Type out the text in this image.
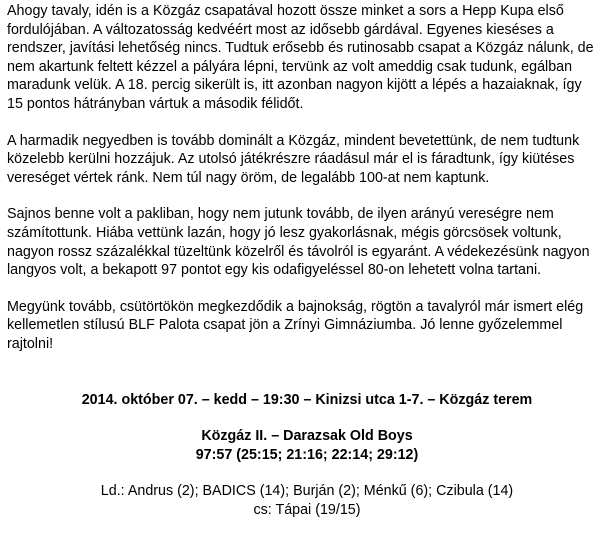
Ahogy tavaly, idén is a Közgáz csapatával hozott össze minket a sors a Hepp Kupa első
fordulójában. A változatosság kedvéért most az idősebb gárdával. Egyenes kieséses a
rendszer, javítási lehetőség nincs. Tudtuk erősebb és rutinosabb csapat a Közgáz nálunk, de
nem akartunk feltett kézzel a pályára lépni, tervünk az volt ameddig csak tudunk, egálban
maradunk velük. A 18. percig sikerült is, itt azonban nagyon kijött a lépés a hazaiaknak, így
15 pontos hátrányban vártuk a második félidőt.
A harmadik negyedben is tovább dominált a Közgáz, mindent bevetettünk, de nem tudtunk
közelebb kerülni hozzájuk. Az utolsó játékrészre ráadásul már el is fáradtunk, így kiütéses
vereséget vértek ránk. Nem túl nagy öröm, de legalább 100-at nem kaptunk.
Sajnos benne volt a pakliban, hogy nem jutunk tovább, de ilyen arányú vereségre nem
számítottunk. Hiába vettünk lazán, hogy jó lesz gyakorlásnak, mégis görcsösek voltunk,
nagyon rossz százalékkal tüzeltünk közelről és távolról is egyaránt. A védekezésünk nagyon
langyos volt, a bekapott 97 pontot egy kis odafigyeléssel 80-on lehetett volna tartani.
Megyünk tovább, csütörtökön megkezdődik a bajnokság, rögtön a tavalyról már ismert elég
kellemetlen stílusú BLF Palota csapat jön a Zrínyi Gimnáziumba. Jó lenne győzelemmel
rajtolni!
2014. október 07. – kedd – 19:30 – Kinizsi utca 1-7. – Közgáz terem
Közgáz II. – Darazsak Old Boys
97:57 (25:15; 21:16; 22:14; 29:12)
Ld.: Andrus (2); BADICS (14); Burján (2); Ménkű (6); Czibula (14)
cs: Tápai (19/15)
